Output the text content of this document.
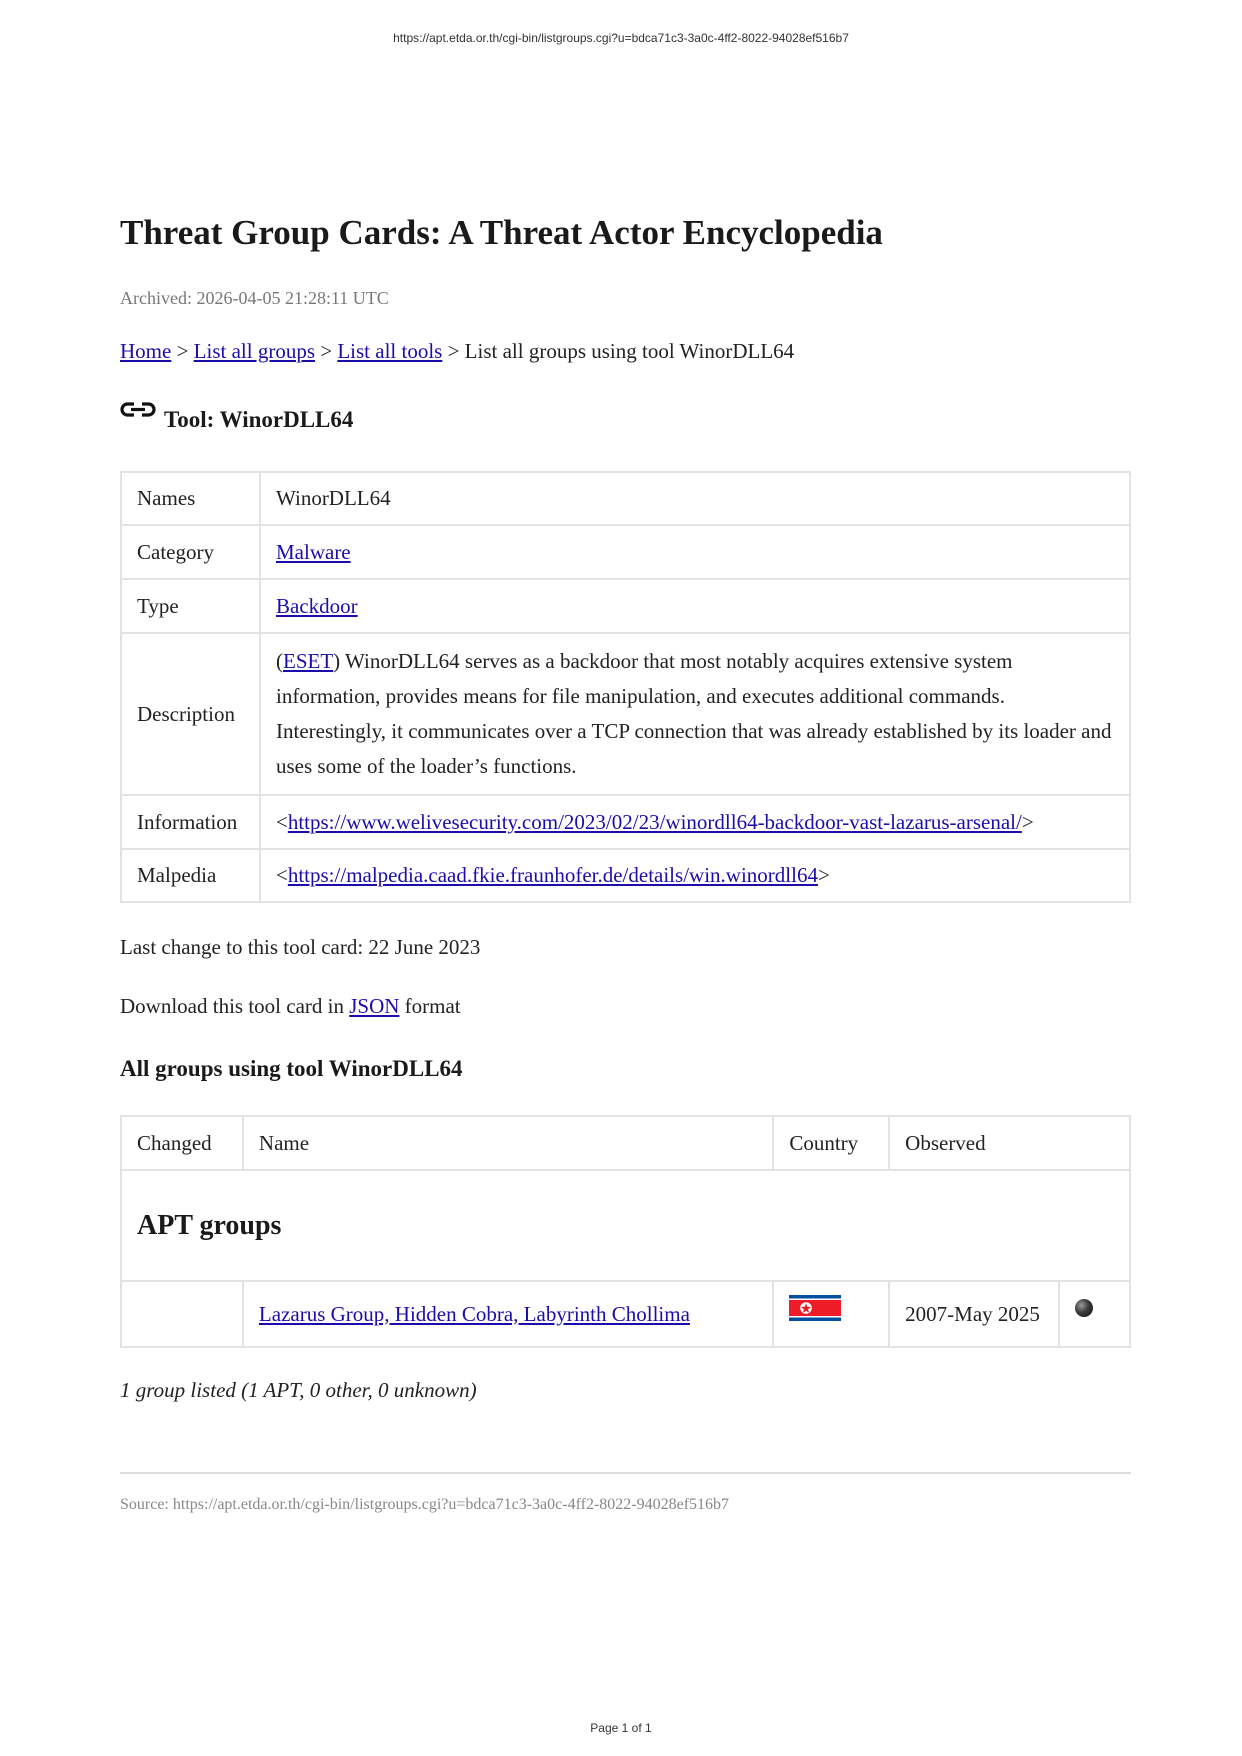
https://apt.etda.or.th/cgi-bin/listgroups.cgi?u=bdca71c3-3a0c-4ff2-8022-94028ef516b7
Threat Group Cards: A Threat Actor Encyclopedia
Archived: 2026-04-05 21:28:11 UTC
Home > List all groups > List all tools > List all groups using tool WinorDLL64
Tool: WinorDLL64
Names	WinorDLL64
Category	Malware
Type	Backdoor
Description	(ESET) WinorDLL64 serves as a backdoor that most notably acquires extensive system information, provides means for file manipulation, and executes additional commands. Interestingly, it communicates over a TCP connection that was already established by its loader and uses some of the loader’s functions.
Information	<https://www.welivesecurity.com/2023/02/23/winordll64-backdoor-vast-lazarus-arsenal/>
Malpedia	<https://malpedia.caad.fkie.fraunhofer.de/details/win.winordll64>
Last change to this tool card: 22 June 2023
Download this tool card in JSON format
All groups using tool WinorDLL64
Changed	Name	Country	Observed	
APT groups				
	Lazarus Group, Hidden Cobra, Labyrinth Chollima		2007-May 2025	
1 group listed (1 APT, 0 other, 0 unknown)
Source: https://apt.etda.or.th/cgi-bin/listgroups.cgi?u=bdca71c3-3a0c-4ff2-8022-94028ef516b7
Page 1 of 1
